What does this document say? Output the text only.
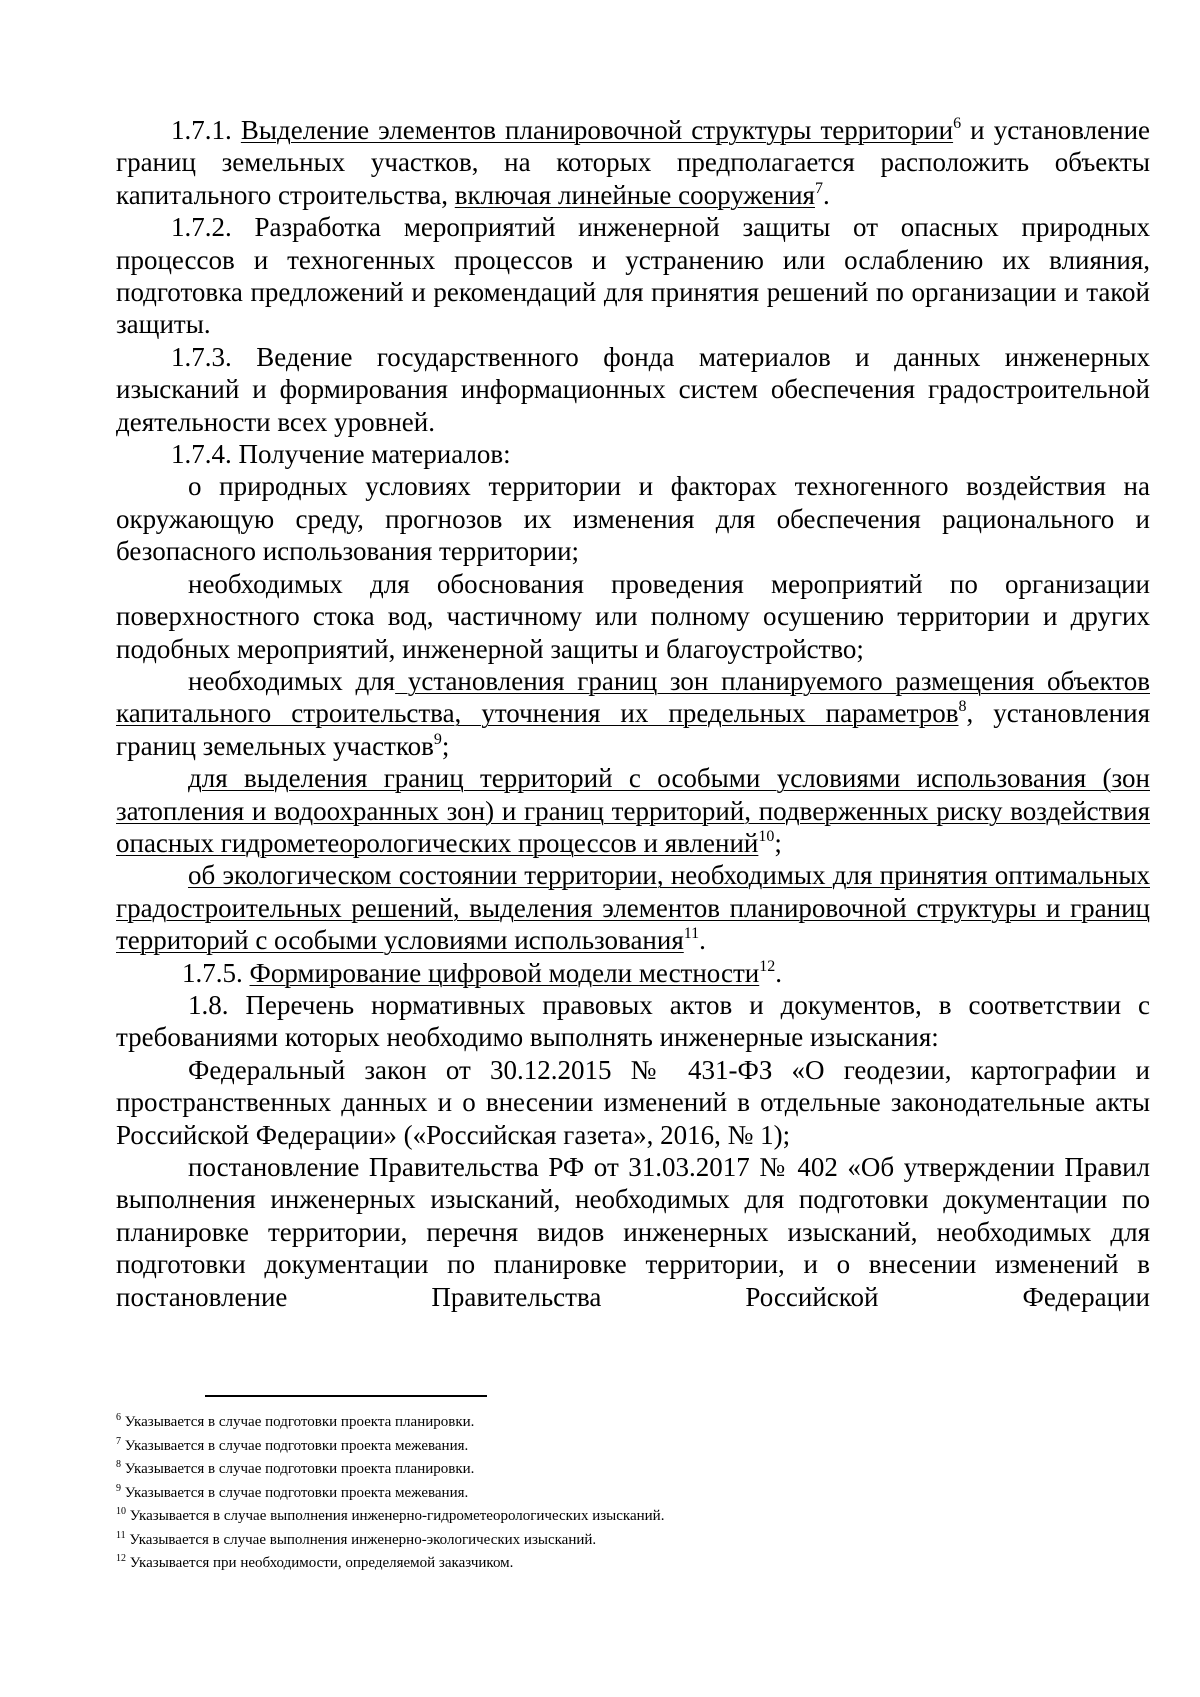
1.7.1. Выделение элементов планировочной структуры территории$^6$ и установление границ земельных участков, на которых предполагается расположить объекты капитального строительства, включая линейные сооружения$^7$.

1.7.2. Разработка мероприятий инженерной защиты от опасных природных процессов и техногенных процессов и устранению или ослаблению их влияния, подготовка предложений и рекомендаций для принятия решений по организации и такой защиты.

1.7.3. Ведение государственного фонда материалов и данных инженерных изысканий и формирования информационных систем обеспечения градостроительной деятельности всех уровней.

1.7.4. Получение материалов:

о природных условиях территории и факторах техногенного воздействия на окружающую среду, прогнозов их изменения для обеспечения рационального и безопасного использования территории;

необходимых для обоснования проведения мероприятий по организации поверхностного стока вод, частичному или полному осушению территории и других подобных мероприятий, инженерной защиты и благоустройство;

необходимых для установления границ зон планируемого размещения объектов капитального строительства, уточнения их предельных параметров$^8$, установления границ земельных участков$^9$;

для выделения границ территорий с особыми условиями использования (зон затопления и водоохранных зон) и границ территорий, подверженных риску воздействия опасных гидрометеорологических процессов и явлений$^{10}$;

об экологическом состоянии территории, необходимых для принятия оптимальных градостроительных решений, выделения элементов планировочной структуры и границ территорий с особыми условиями использования$^{11}$.

1.7.5. Формирование цифровой модели местности$^{12}$.

1.8. Перечень нормативных правовых актов и документов, в соответствии с требованиями которых необходимо выполнять инженерные изыскания:

Федеральный закон от 30.12.2015 № 431-ФЗ «О геодезии, картографии и пространственных данных и о внесении изменений в отдельные законодательные акты Российской Федерации» («Российская газета», 2016, № 1);

постановление Правительства РФ от 31.03.2017 № 402 «Об утверждении Правил выполнения инженерных изысканий, необходимых для подготовки документации по планировке территории, перечня видов инженерных изысканий, необходимых для подготовки документации по планировке территории, и о внесении изменений в постановление Правительства Российской Федерации

$^6$ Указывается в случае подготовки проекта планировки.

$^7$ Указывается в случае подготовки проекта межевания.

$^8$ Указывается в случае подготовки проекта планировки.

$^9$ Указывается в случае подготовки проекта межевания.

$^{10}$ Указывается в случае выполнения инженерно-гидрометеорологических изысканий.

$^{11}$ Указывается в случае выполнения инженерно-экологических изысканий.

$^{12}$ Указывается при необходимости, определяемой заказчиком.
